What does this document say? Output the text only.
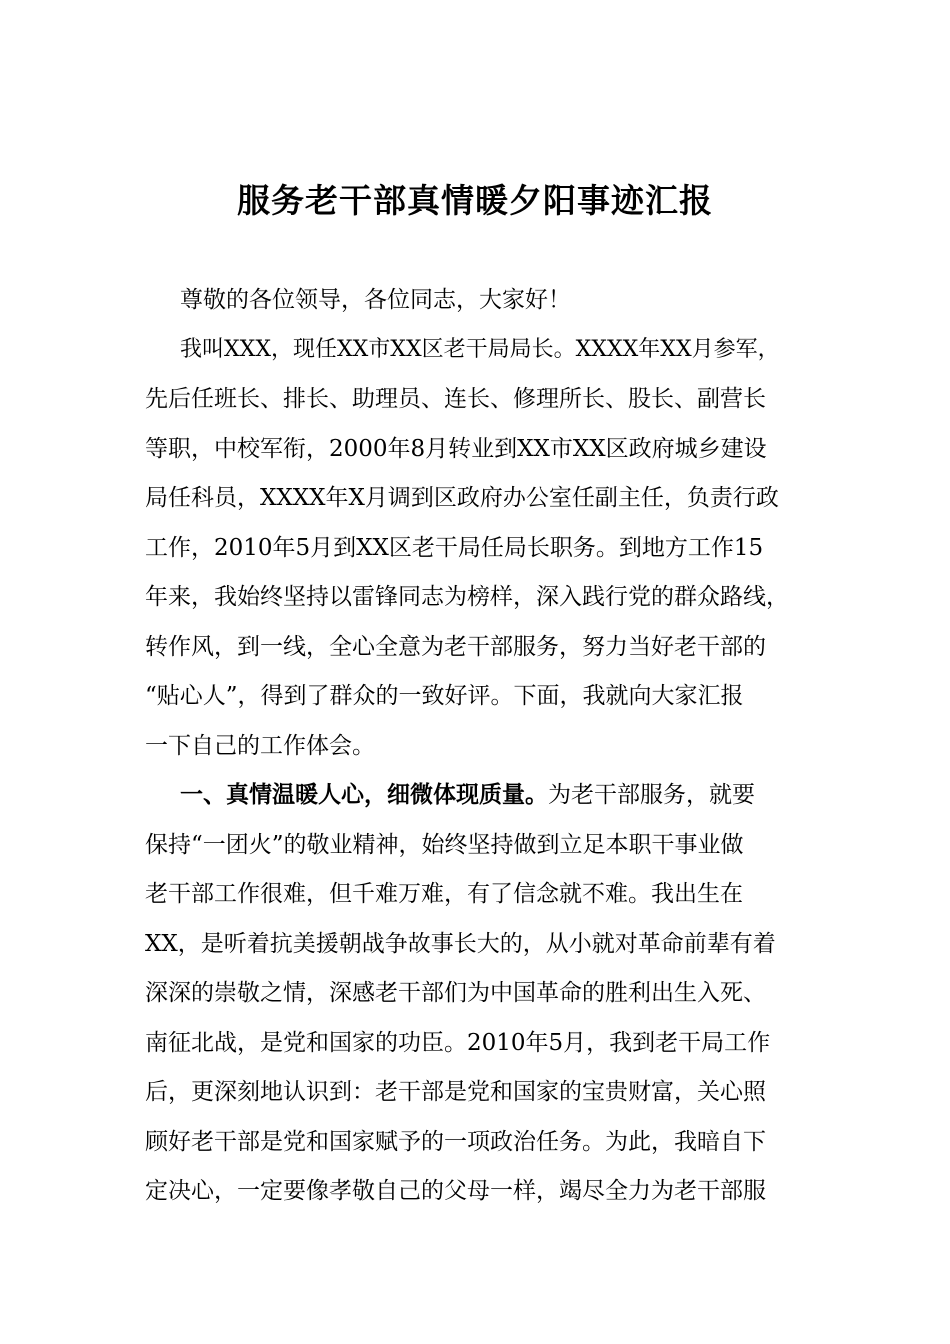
服务老干部真情暖夕阳事迹汇报
尊敬的各位领导，各位同志，大家好！
我叫XXX，现任XX市XX区老干局局长。XXXX年XX月参军，
先后任班长、排长、助理员、连长、修理所长、股长、副营长
等职，中校军衔，2000年8月转业到XX市XX区政府城乡建设
局任科员，XXXX年X月调到区政府办公室任副主任，负责行政
工作，2010年5月到XX区老干局任局长职务。到地方工作15
年来，我始终坚持以雷锋同志为榜样，深入践行党的群众路线，
转作风，到一线，全心全意为老干部服务，努力当好老干部的
“贴心人”，得到了群众的一致好评。下面，我就向大家汇报
一下自己的工作体会。
一、真情温暖人心，细微体现质量。为老干部服务，就要
保持“一团火”的敬业精神，始终坚持做到立足本职干事业做
老干部工作很难，但千难万难，有了信念就不难。我出生在
XX，是听着抗美援朝战争故事长大的，从小就对革命前辈有着
深深的崇敬之情，深感老干部们为中国革命的胜利出生入死、
南征北战，是党和国家的功臣。2010年5月，我到老干局工作
后，更深刻地认识到：老干部是党和国家的宝贵财富，关心照
顾好老干部是党和国家赋予的一项政治任务。为此，我暗自下
定决心，一定要像孝敬自己的父母一样，竭尽全力为老干部服
